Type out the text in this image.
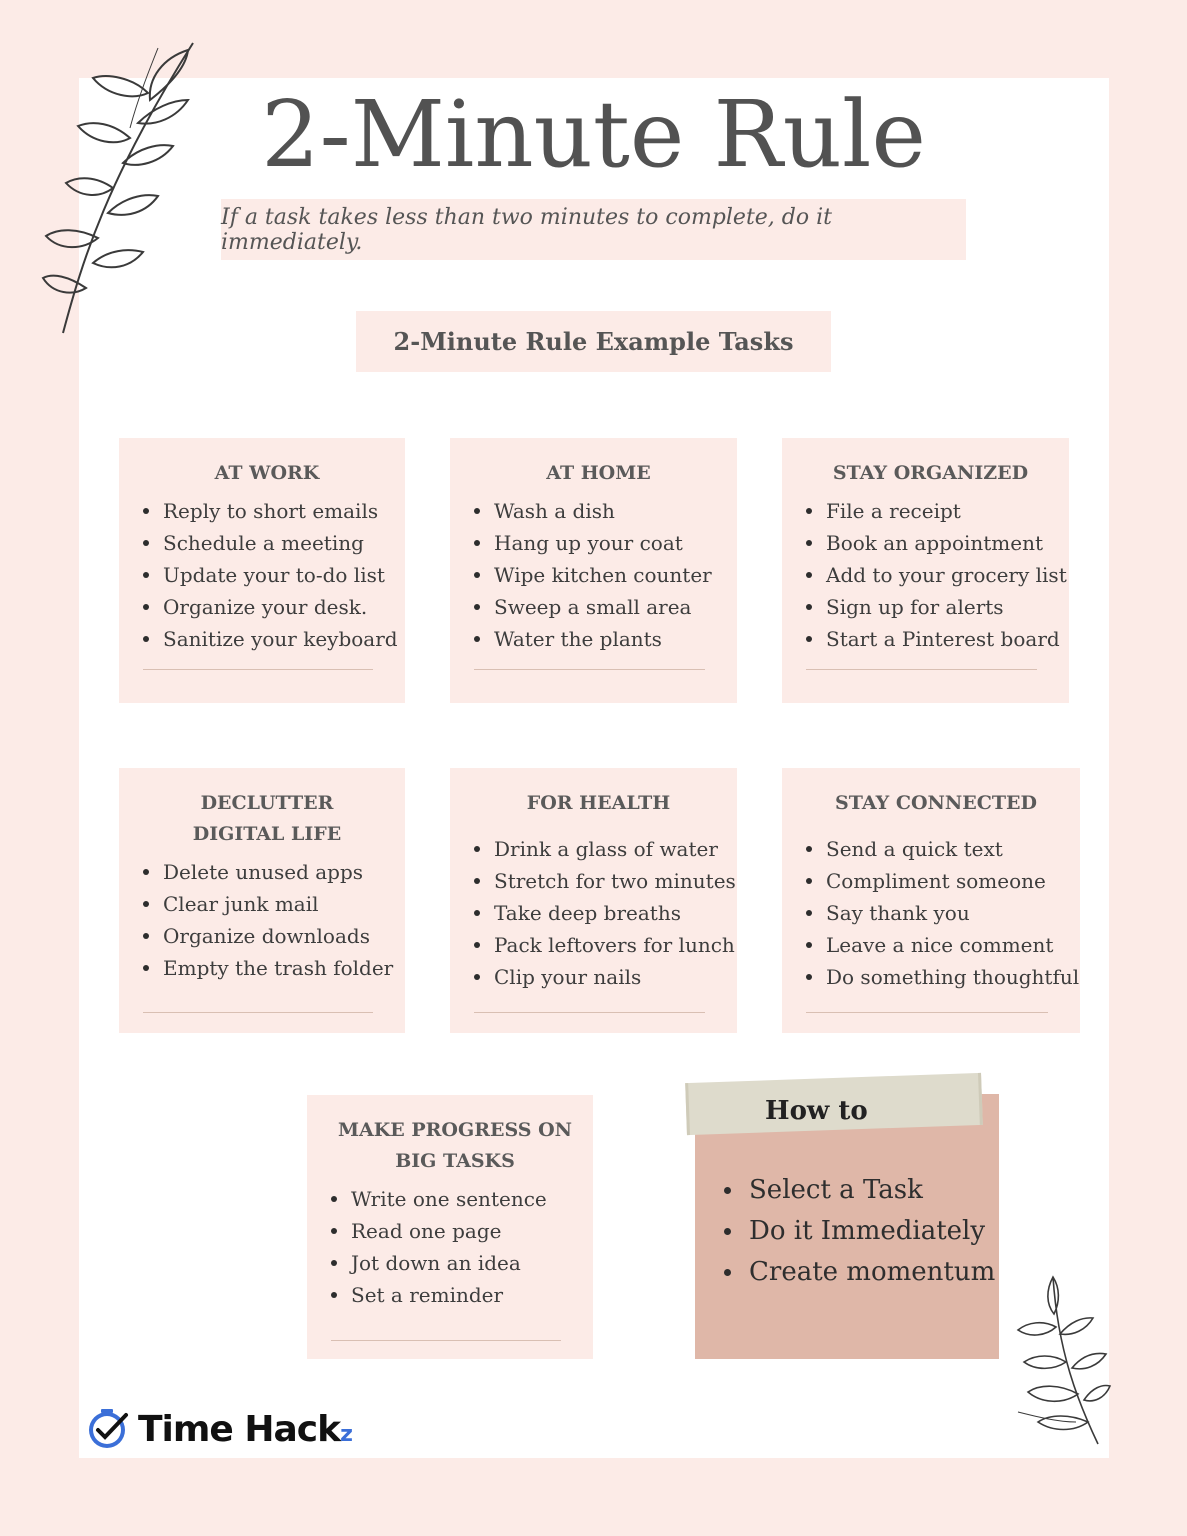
2-Minute Rule
If a task takes less than two minutes to complete, do it immediately.
2-Minute Rule Example Tasks
AT WORK
Reply to short emails
Schedule a meeting
Update your to-do list
Organize your desk.
Sanitize your keyboard
AT HOME
Wash a dish
Hang up your coat
Wipe kitchen counter
Sweep a small area
Water the plants
STAY ORGANIZED
File a receipt
Book an appointment
Add to your grocery list
Sign up for alerts
Start a Pinterest board
DECLUTTER
DIGITAL LIFE
Delete unused apps
Clear junk mail
Organize downloads
Empty the trash folder
FOR HEALTH
Drink a glass of water
Stretch for two minutes
Take deep breaths
Pack leftovers for lunch
Clip your nails
STAY CONNECTED
Send a quick text
Compliment someone
Say thank you
Leave a nice comment
Do something thoughtful
MAKE PROGRESS ON
BIG TASKS
Write one sentence
Read one page
Jot down an idea
Set a reminder
Select a Task
Do it Immediately
Create momentum
How to
Time Hackz
